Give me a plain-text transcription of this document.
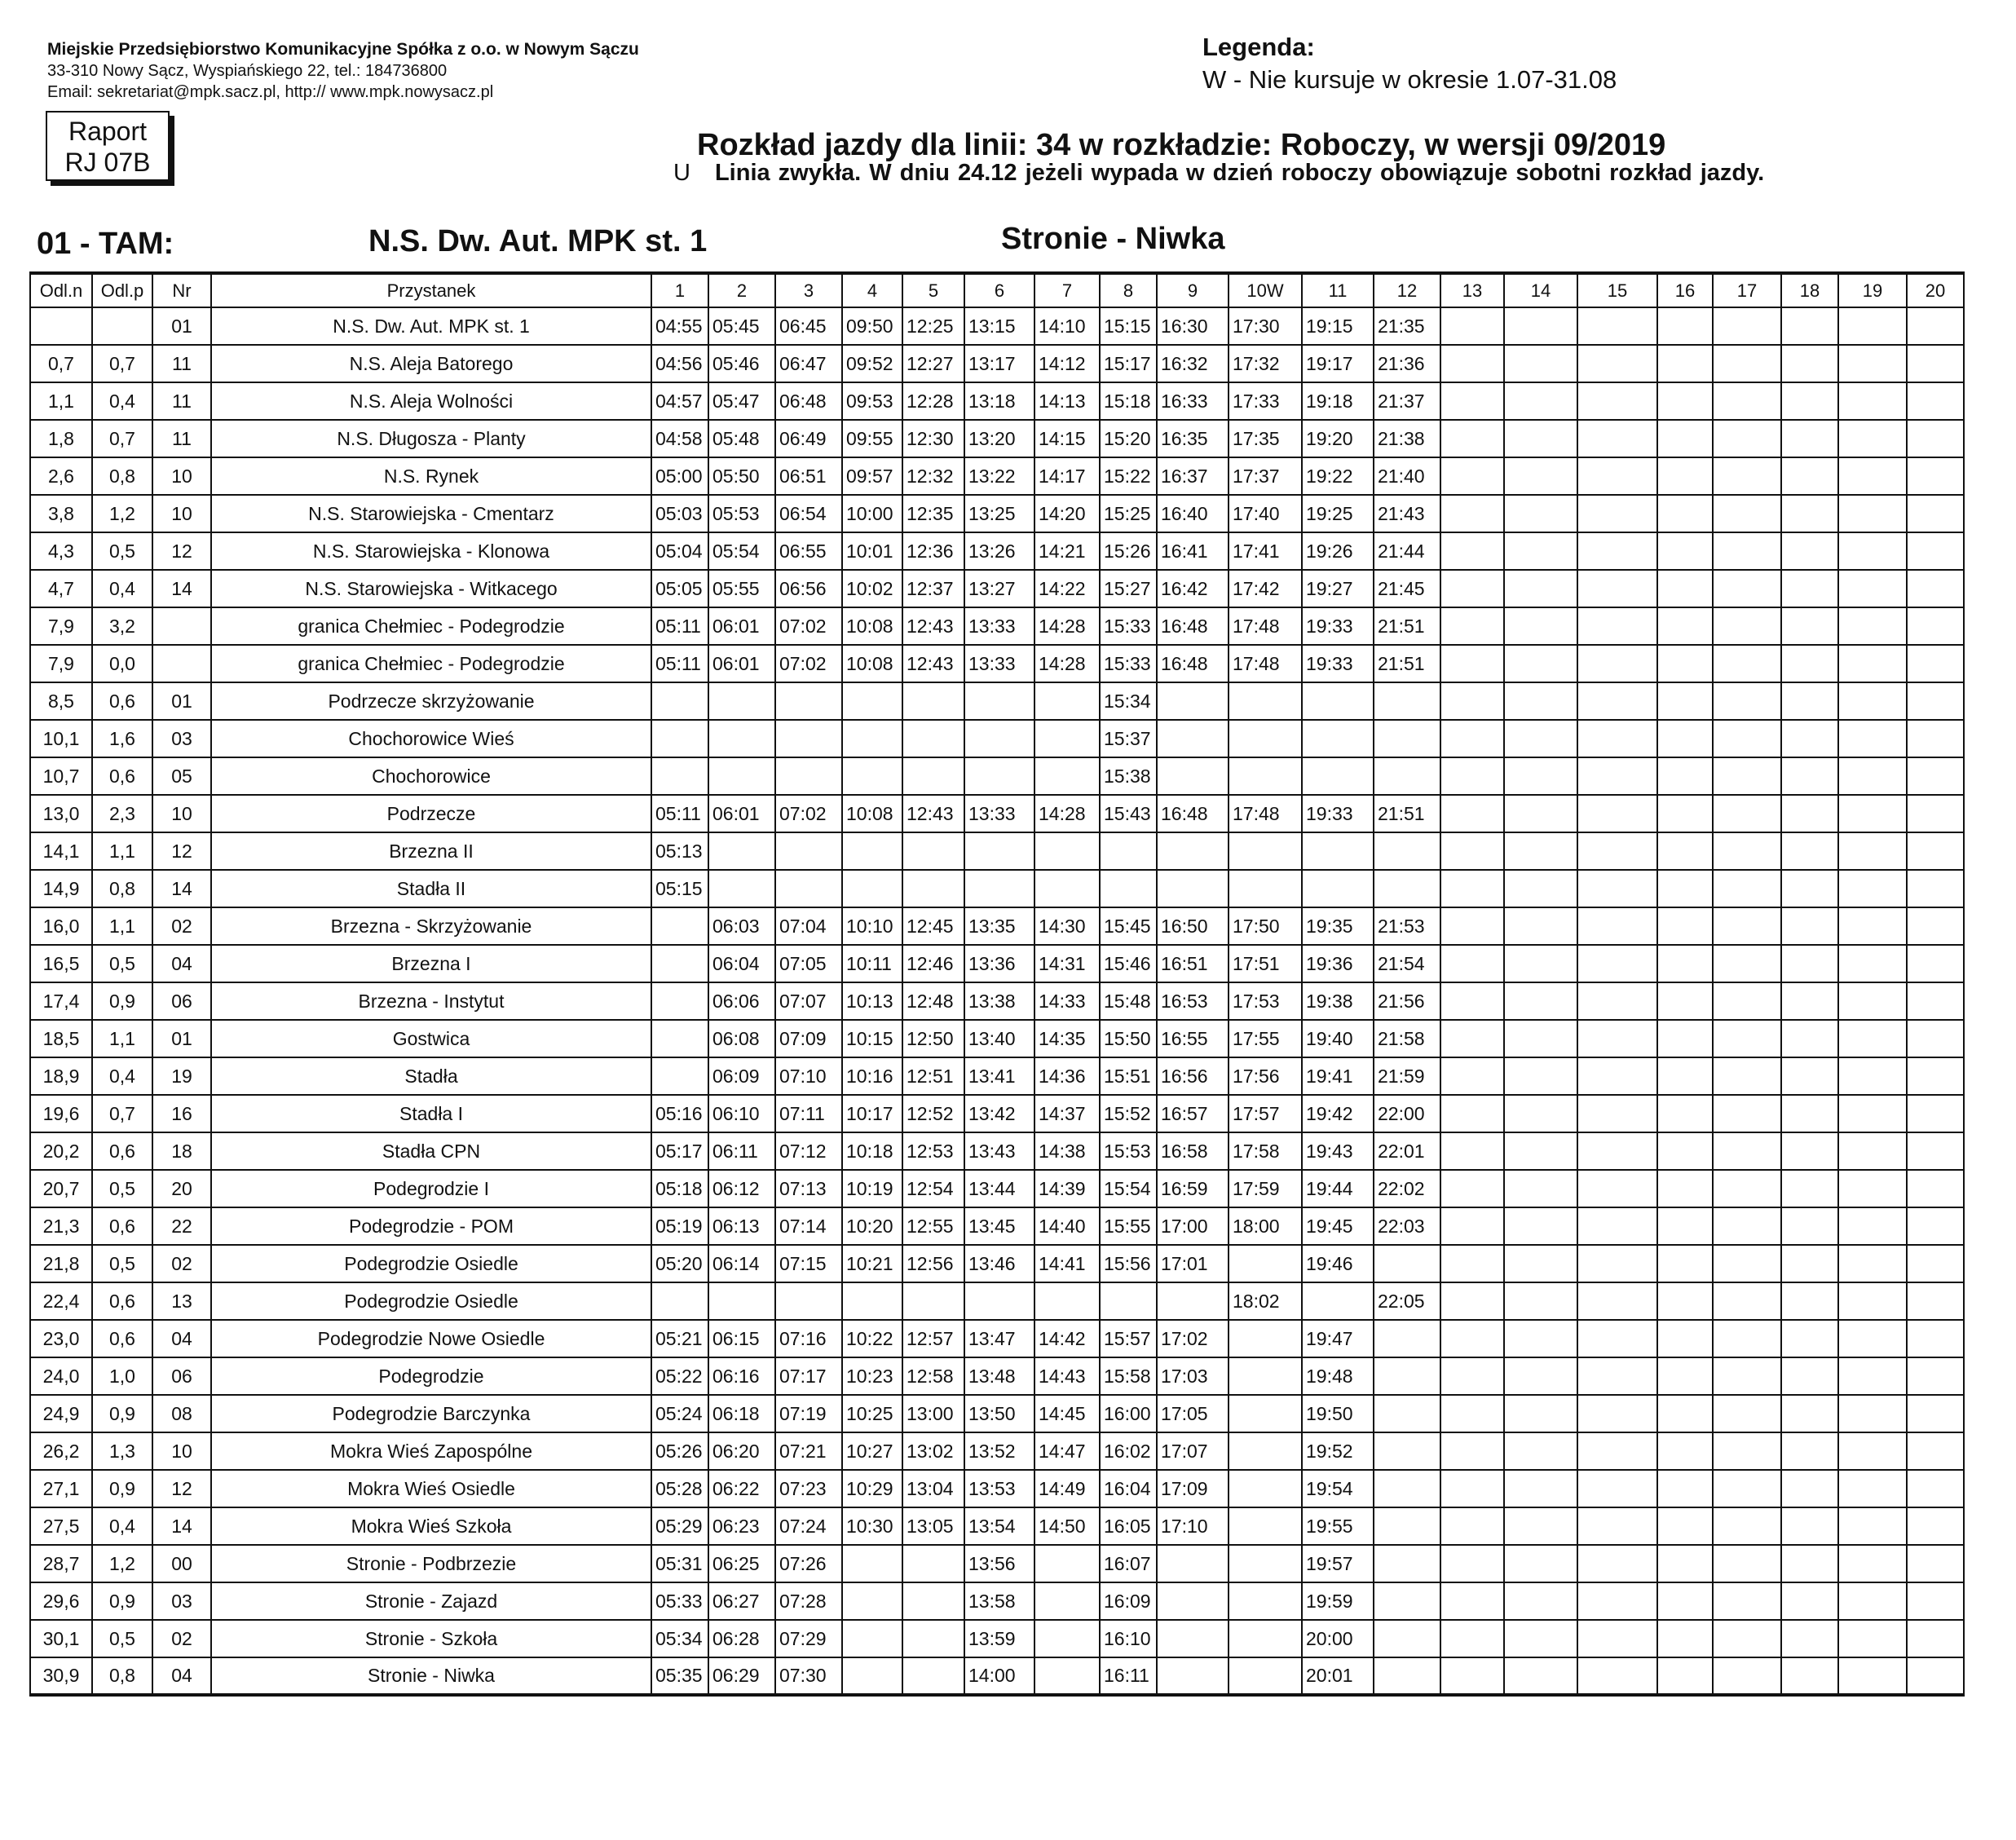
Miejskie Przedsiębiorstwo Komunikacyjne Spółka z o.o. w Nowym Sączu
33-310 Nowy Sącz, Wyspiańskiego 22, tel.: 184736800
Email: sekretariat@mpk.sacz.pl, http:// www.mpk.nowysacz.pl
Legenda:
W - Nie kursuje w okresie 1.07-31.08
Raport
RJ 07B	Rozkład jazdy dla linii: 34 w rozkładzie: Roboczy, w wersji 09/2019
U Linia zwykła. W dniu 24.12 jeżeli wypada w dzień roboczy obowiązuje sobotni rozkład jazdy.
01 - TAM:	N.S. Dw. Aut. MPK st. 1	Stronie - Niwka
Odl.n	Odl.p	Nr	Przystanek	1	2	3	4	5	6	7	8	9	10W	11	12	13	14	15	16	17	18	19	20
		01	N.S. Dw. Aut. MPK st. 1	04:55	05:45	06:45	09:50	12:25	13:15	14:10	15:15	16:30	17:30	19:15	21:35								
0,7	0,7	11	N.S. Aleja Batorego	04:56	05:46	06:47	09:52	12:27	13:17	14:12	15:17	16:32	17:32	19:17	21:36								
1,1	0,4	11	N.S. Aleja Wolności	04:57	05:47	06:48	09:53	12:28	13:18	14:13	15:18	16:33	17:33	19:18	21:37								
1,8	0,7	11	N.S. Długosza - Planty	04:58	05:48	06:49	09:55	12:30	13:20	14:15	15:20	16:35	17:35	19:20	21:38								
2,6	0,8	10	N.S. Rynek	05:00	05:50	06:51	09:57	12:32	13:22	14:17	15:22	16:37	17:37	19:22	21:40								
3,8	1,2	10	N.S. Starowiejska - Cmentarz	05:03	05:53	06:54	10:00	12:35	13:25	14:20	15:25	16:40	17:40	19:25	21:43								
4,3	0,5	12	N.S. Starowiejska - Klonowa	05:04	05:54	06:55	10:01	12:36	13:26	14:21	15:26	16:41	17:41	19:26	21:44								
4,7	0,4	14	N.S. Starowiejska - Witkacego	05:05	05:55	06:56	10:02	12:37	13:27	14:22	15:27	16:42	17:42	19:27	21:45								
7,9	3,2		granica Chełmiec - Podegrodzie	05:11	06:01	07:02	10:08	12:43	13:33	14:28	15:33	16:48	17:48	19:33	21:51								
7,9	0,0		granica Chełmiec - Podegrodzie	05:11	06:01	07:02	10:08	12:43	13:33	14:28	15:33	16:48	17:48	19:33	21:51								
8,5	0,6	01	Podrzecze skrzyżowanie								15:34												
10,1	1,6	03	Chochorowice Wieś								15:37												
10,7	0,6	05	Chochorowice								15:38												
13,0	2,3	10	Podrzecze	05:11	06:01	07:02	10:08	12:43	13:33	14:28	15:43	16:48	17:48	19:33	21:51								
14,1	1,1	12	Brzezna II	05:13																			
14,9	0,8	14	Stadła II	05:15																			
16,0	1,1	02	Brzezna - Skrzyżowanie		06:03	07:04	10:10	12:45	13:35	14:30	15:45	16:50	17:50	19:35	21:53								
16,5	0,5	04	Brzezna I		06:04	07:05	10:11	12:46	13:36	14:31	15:46	16:51	17:51	19:36	21:54								
17,4	0,9	06	Brzezna - Instytut		06:06	07:07	10:13	12:48	13:38	14:33	15:48	16:53	17:53	19:38	21:56								
18,5	1,1	01	Gostwica		06:08	07:09	10:15	12:50	13:40	14:35	15:50	16:55	17:55	19:40	21:58								
18,9	0,4	19	Stadła		06:09	07:10	10:16	12:51	13:41	14:36	15:51	16:56	17:56	19:41	21:59								
19,6	0,7	16	Stadła I	05:16	06:10	07:11	10:17	12:52	13:42	14:37	15:52	16:57	17:57	19:42	22:00								
20,2	0,6	18	Stadła CPN	05:17	06:11	07:12	10:18	12:53	13:43	14:38	15:53	16:58	17:58	19:43	22:01								
20,7	0,5	20	Podegrodzie I	05:18	06:12	07:13	10:19	12:54	13:44	14:39	15:54	16:59	17:59	19:44	22:02								
21,3	0,6	22	Podegrodzie - POM	05:19	06:13	07:14	10:20	12:55	13:45	14:40	15:55	17:00	18:00	19:45	22:03								
21,8	0,5	02	Podegrodzie Osiedle	05:20	06:14	07:15	10:21	12:56	13:46	14:41	15:56	17:01		19:46									
22,4	0,6	13	Podegrodzie Osiedle										18:02		22:05								
23,0	0,6	04	Podegrodzie Nowe Osiedle	05:21	06:15	07:16	10:22	12:57	13:47	14:42	15:57	17:02		19:47									
24,0	1,0	06	Podegrodzie	05:22	06:16	07:17	10:23	12:58	13:48	14:43	15:58	17:03		19:48									
24,9	0,9	08	Podegrodzie Barczynka	05:24	06:18	07:19	10:25	13:00	13:50	14:45	16:00	17:05		19:50									
26,2	1,3	10	Mokra Wieś Zapospólne	05:26	06:20	07:21	10:27	13:02	13:52	14:47	16:02	17:07		19:52									
27,1	0,9	12	Mokra Wieś Osiedle	05:28	06:22	07:23	10:29	13:04	13:53	14:49	16:04	17:09		19:54									
27,5	0,4	14	Mokra Wieś Szkoła	05:29	06:23	07:24	10:30	13:05	13:54	14:50	16:05	17:10		19:55									
28,7	1,2	00	Stronie - Podbrzezie	05:31	06:25	07:26			13:56		16:07			19:57									
29,6	0,9	03	Stronie - Zajazd	05:33	06:27	07:28			13:58		16:09			19:59									
30,1	0,5	02	Stronie - Szkoła	05:34	06:28	07:29			13:59		16:10			20:00									
30,9	0,8	04	Stronie - Niwka	05:35	06:29	07:30			14:00		16:11			20:01									
